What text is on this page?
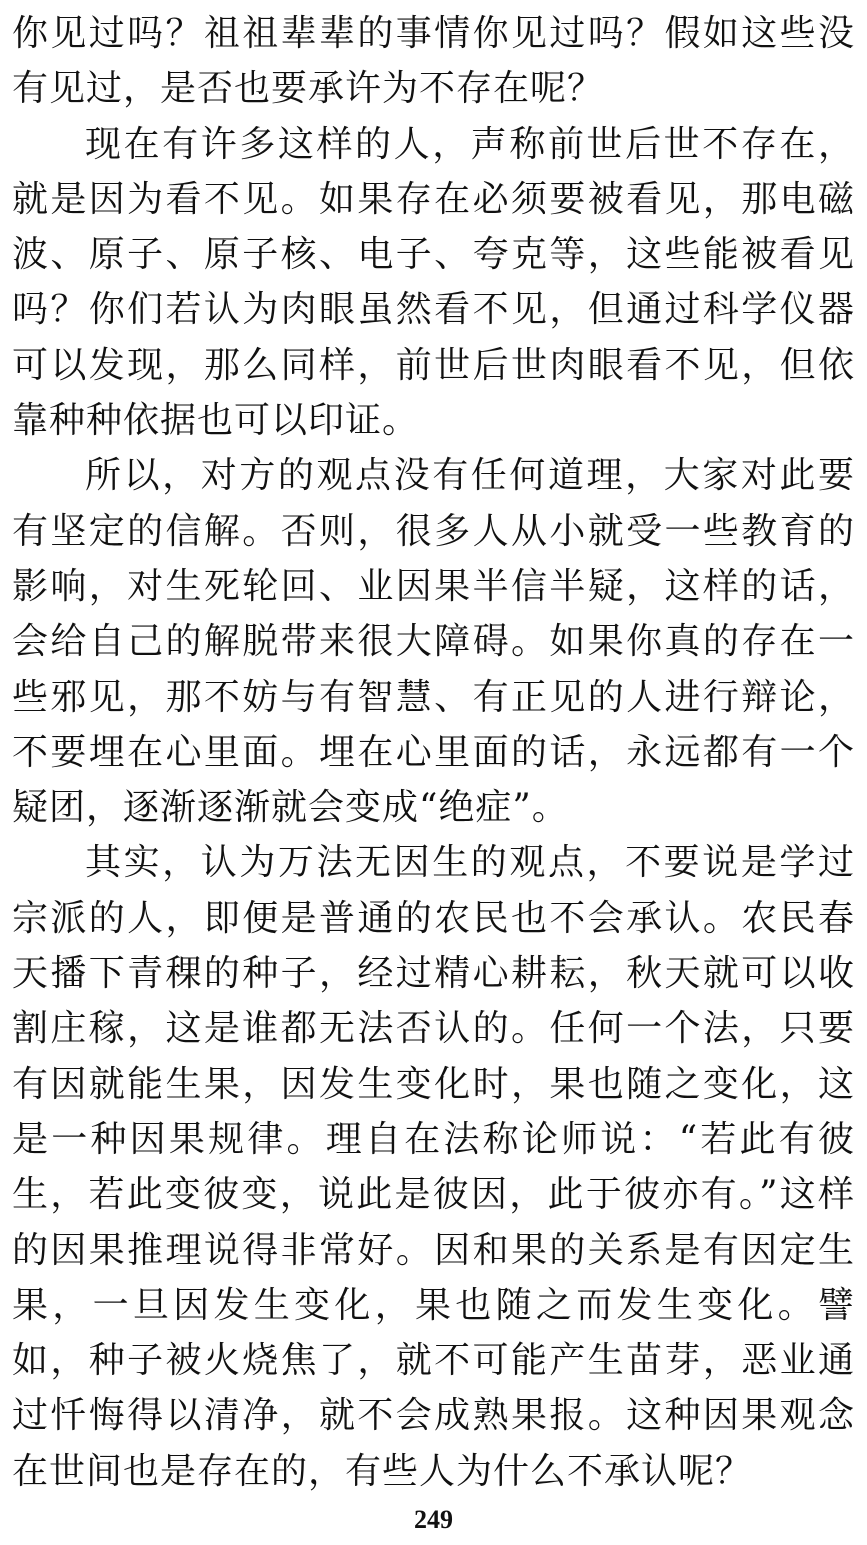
你见过吗？祖祖辈辈的事情你见过吗？假如这些没有见过，是否也要承许为不存在呢？

现在有许多这样的人，声称前世后世不存在，就是因为看不见。如果存在必须要被看见，那电磁波、原子、原子核、电子、夸克等，这些能被看见吗？你们若认为肉眼虽然看不见，但通过科学仪器可以发现，那么同样，前世后世肉眼看不见，但依靠种种依据也可以印证。

所以，对方的观点没有任何道理，大家对此要有坚定的信解。否则，很多人从小就受一些教育的影响，对生死轮回、业因果半信半疑，这样的话，会给自己的解脱带来很大障碍。如果你真的存在一些邪见，那不妨与有智慧、有正见的人进行辩论，不要埋在心里面。埋在心里面的话，永远都有一个疑团，逐渐逐渐就会变成“绝症”。

其实，认为万法无因生的观点，不要说是学过宗派的人，即便是普通的农民也不会承认。农民春天播下青稞的种子，经过精心耕耘，秋天就可以收割庄稼，这是谁都无法否认的。任何一个法，只要有因就能生果，因发生变化时，果也随之变化，这是一种因果规律。理自在法称论师说：“若此有彼生，若此变彼变，说此是彼因，此于彼亦有。”这样的因果推理说得非常好。因和果的关系是有因定生果，一旦因发生变化，果也随之而发生变化。譬如，种子被火烧焦了，就不可能产生苗芽，恶业通过忏悔得以清净，就不会成熟果报。这种因果观念在世间也是存在的，有些人为什么不承认呢？

249
